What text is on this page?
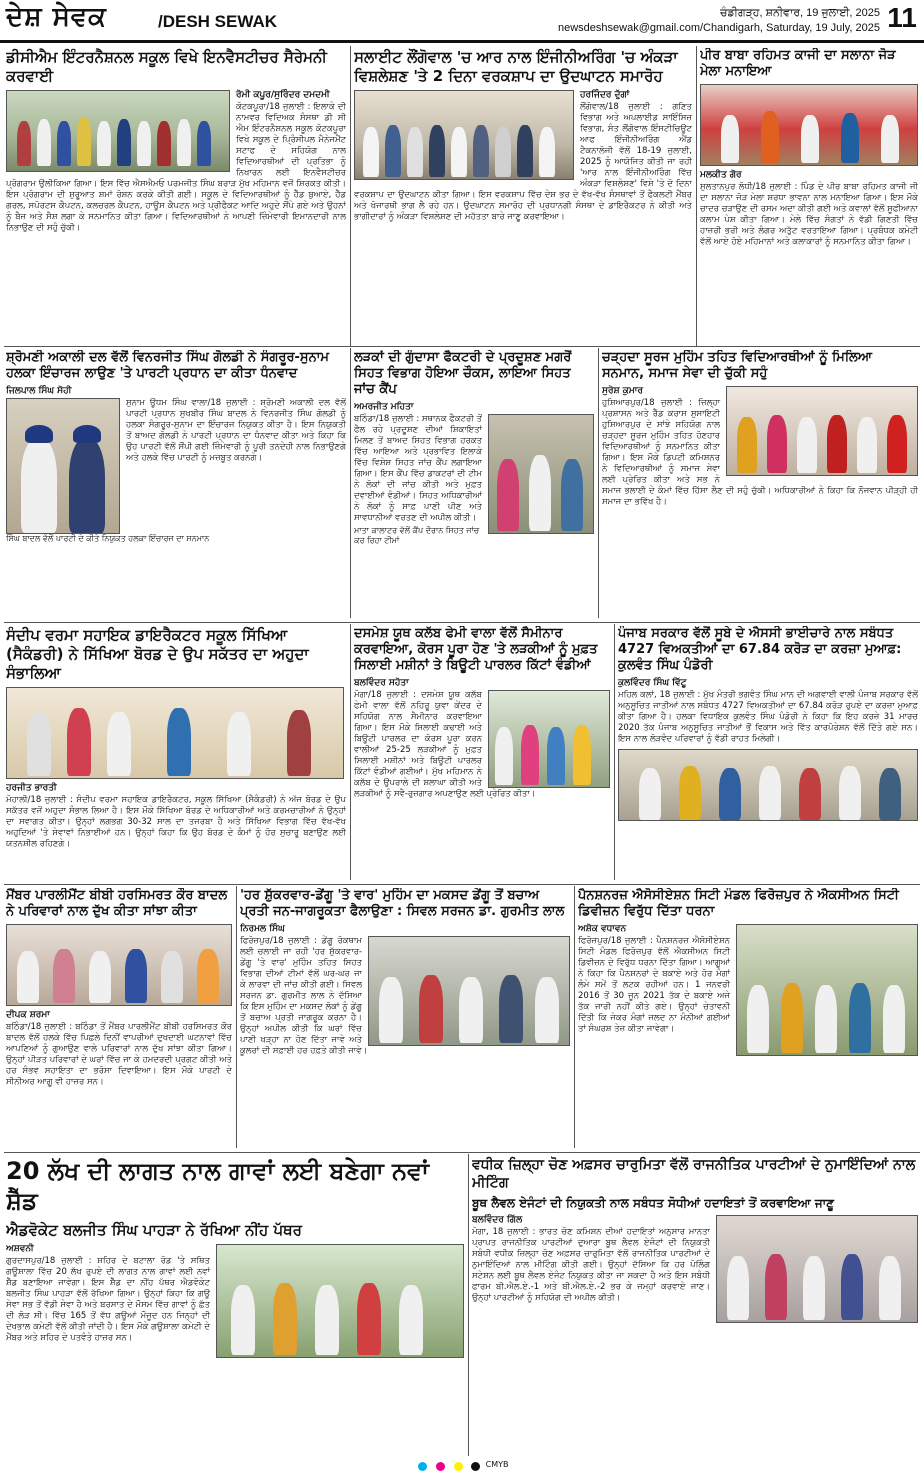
ਦੇਸ਼ ਸੇਵਕ	/DESH SEWAK	ਚੰਡੀਗੜ੍ਹ, ਸ਼ਨੀਵਾਰ, 19 ਜੁਲਾਈ, 2025
newsdeshsewak@gmail.com/Chandigarh, Saturday, 19 July, 2025 11
ਡੀਸੀਐਮ ਇੰਟਰਨੈਸ਼ਨਲ ਸਕੂਲ ਵਿਖੇ ਇਨਵੈਸਟੀਚਰ ਸੈਰੇਮਨੀ ਕਰਵਾਈ
ਰੋਮੀ ਕਪੂਰ/ਸੁਰਿੰਦਰ ਦਮਦਮੀ

ਕੋਟਕਪੂਰਾ/18 ਜੁਲਾਈ : ਇਲਾਕੇ ਦੀ ਨਾਮਵਰ ਵਿਦਿਅਕ ਸੰਸਥਾ ਡੀ ਸੀ ਐਮ ਇੰਟਰਨੈਸ਼ਨਲ ਸਕੂਲ ਕੋਟਕਪੂਰਾ ਵਿਖੇ ਸਕੂਲ ਦੇ ਪ੍ਰਿੰਸੀਪਲ ਮੈਨੇਜਮੈਂਟ ਸਟਾਫ ਦੇ ਸਹਿਯੋਗ ਨਾਲ ਵਿਦਿਆਰਥੀਆਂ ਦੀ ਪ੍ਰਤਿਭਾ ਨੂੰ ਨਿਖਾਰਨ ਲਈ ਇਨਵੈਸਟੀਚਰ ਪ੍ਰੋਗਰਾਮ ਉਲੀਕਿਆ ਗਿਆ। ਇਸ ਵਿੱਚ ਐਸਐਮਓ ਪਰਮਜੀਤ ਸਿੰਘ ਬਰਾੜ ਮੁੱਖ ਮਹਿਮਾਨ ਵਜੋਂ ਸ਼ਿਰਕਤ ਕੀਤੀ। ਇਸ ਪ੍ਰੋਗਰਾਮ ਦੀ ਸ਼ੁਰੂਆਤ ਸ਼ਮਾਂ ਰੋਸ਼ਨ ਕਰਕੇ ਕੀਤੀ ਗਈ। ਸਕੂਲ ਦੇ ਵਿਦਿਆਰਥੀਆਂ ਨੂੰ ਹੈੱਡ ਬੁਆਏ, ਹੈੱਡ ਗਰਲ, ਸਪੋਰਟਸ ਕੈਪਟਨ, ਕਲਚਰਲ ਕੈਪਟਨ, ਹਾਊਸ ਕੈਪਟਨ ਅਤੇ ਪ੍ਰੀਫੈਕਟ ਆਦਿ ਅਹੁਦੇ ਸੌਂਪੇ ਗਏ ਅਤੇ ਉਹਨਾਂ ਨੂੰ ਬੈਜ ਅਤੇ ਸੈਸ਼ ਲਗਾ ਕੇ ਸਨਮਾਨਿਤ ਕੀਤਾ ਗਿਆ। ਵਿਦਿਆਰਥੀਆਂ ਨੇ ਆਪਣੀ ਜ਼ਿੰਮੇਵਾਰੀ ਇਮਾਨਦਾਰੀ ਨਾਲ ਨਿਭਾਉਣ ਦੀ ਸਹੁੰ ਚੁੱਕੀ।

ਸਲਾਈਟ ਲੌਂਗੋਵਾਲ 'ਚ ਆਰ ਨਾਲ ਇੰਜੀਨੀਅਰਿੰਗ 'ਚ ਅੰਕੜਾ ਵਿਸ਼ਲੇਸ਼ਣ 'ਤੇ 2 ਦਿਨਾ ਵਰਕਸ਼ਾਪ ਦਾ ਉਦਘਾਟਨ ਸਮਾਰੋਹ
ਹਰਜਿੰਦਰ ਦੁੱਗਾਂ

ਲੌਂਗੋਵਾਲ/18 ਜੁਲਾਈ : ਗਣਿਤ ਵਿਭਾਗ ਅਤੇ ਅਪਲਾਈਡ ਸਾਇੰਸਿਜ਼ ਵਿਭਾਗ, ਸੰਤ ਲੌਂਗੋਵਾਲ ਇੰਸਟੀਚਿਊਟ ਆਫ ਇੰਜੀਨੀਅਰਿੰਗ ਐਂਡ ਟੈਕਨਾਲੋਜੀ ਵੱਲੋਂ 18-19 ਜੁਲਾਈ, 2025 ਨੂੰ ਆਯੋਜਿਤ ਕੀਤੀ ਜਾ ਰਹੀ 'ਆਰ ਨਾਲ ਇੰਜੀਨੀਅਰਿੰਗ ਵਿੱਚ ਅੰਕੜਾ ਵਿਸ਼ਲੇਸ਼ਣ' ਵਿਸ਼ੇ 'ਤੇ ਦੋ ਦਿਨਾ ਵਰਕਸ਼ਾਪ ਦਾ ਉਦਘਾਟਨ ਕੀਤਾ ਗਿਆ। ਇਸ ਵਰਕਸ਼ਾਪ ਵਿੱਚ ਦੇਸ਼ ਭਰ ਦੇ ਵੱਖ-ਵੱਖ ਸੰਸਥਾਵਾਂ ਤੋਂ ਫੈਕਲਟੀ ਮੈਂਬਰ ਅਤੇ ਖੋਜਾਰਥੀ ਭਾਗ ਲੈ ਰਹੇ ਹਨ। ਉਦਘਾਟਨ ਸਮਾਰੋਹ ਦੀ ਪ੍ਰਧਾਨਗੀ ਸੰਸਥਾ ਦੇ ਡਾਇਰੈਕਟਰ ਨੇ ਕੀਤੀ ਅਤੇ ਭਾਗੀਦਾਰਾਂ ਨੂੰ ਅੰਕੜਾ ਵਿਸ਼ਲੇਸ਼ਣ ਦੀ ਮਹੱਤਤਾ ਬਾਰੇ ਜਾਣੂ ਕਰਵਾਇਆ।

ਪੀਰ ਬਾਬਾ ਰਹਿਮਤ ਕਾਜੀ ਦਾ ਸਲਾਨਾ ਜੋੜ ਮੇਲਾ ਮਨਾਇਆ
ਮਲਕੀਤ ਗੋਰ

ਸੁਲਤਾਨਪੁਰ ਲੋਧੀ/18 ਜੁਲਾਈ : ਪਿੰਡ ਦੇ ਪੀਰ ਬਾਬਾ ਰਹਿਮਤ ਕਾਜੀ ਜੀ ਦਾ ਸਲਾਨਾ ਜੋੜ ਮੇਲਾ ਸ਼ਰਧਾ ਭਾਵਨਾ ਨਾਲ ਮਨਾਇਆ ਗਿਆ। ਇਸ ਮੌਕੇ ਚਾਦਰ ਚੜਾਉਣ ਦੀ ਰਸਮ ਅਦਾ ਕੀਤੀ ਗਈ ਅਤੇ ਕਵਾਲਾਂ ਵੱਲੋਂ ਸੂਫੀਆਨਾ ਕਲਾਮ ਪੇਸ਼ ਕੀਤਾ ਗਿਆ। ਮੇਲੇ ਵਿੱਚ ਸੰਗਤਾਂ ਨੇ ਵੱਡੀ ਗਿਣਤੀ ਵਿੱਚ ਹਾਜ਼ਰੀ ਭਰੀ ਅਤੇ ਲੰਗਰ ਅਤੁੱਟ ਵਰਤਾਇਆ ਗਿਆ। ਪ੍ਰਬੰਧਕ ਕਮੇਟੀ ਵੱਲੋਂ ਆਏ ਹੋਏ ਮਹਿਮਾਨਾਂ ਅਤੇ ਕਲਾਕਾਰਾਂ ਨੂੰ ਸਨਮਾਨਿਤ ਕੀਤਾ ਗਿਆ।

ਸ਼੍ਰੋਮਣੀ ਅਕਾਲੀ ਦਲ ਵੱਲੋਂ ਵਿਨਰਜੀਤ ਸਿੰਘ ਗੋਲਡੀ ਨੇ ਸੰਗਰੂਰ-ਸੁਨਾਮ ਹਲਕਾ ਇੰਚਾਰਜ ਲਾਉਣ 'ਤੇ ਪਾਰਟੀ ਪ੍ਰਧਾਨ ਦਾ ਕੀਤਾ ਧੰਨਵਾਦ
ਜਿਲਪਾਲ ਸਿੰਘ ਸੋਹੀ

ਸੁਨਾਮ ਊਧਮ ਸਿੰਘ ਵਾਲਾ/18 ਜੁਲਾਈ : ਸ਼੍ਰੋਮਣੀ ਅਕਾਲੀ ਦਲ ਵੱਲੋਂ ਪਾਰਟੀ ਪ੍ਰਧਾਨ ਸੁਖਬੀਰ ਸਿੰਘ ਬਾਦਲ ਨੇ ਵਿਨਰਜੀਤ ਸਿੰਘ ਗੋਲਡੀ ਨੂੰ ਹਲਕਾ ਸੰਗਰੂਰ-ਸੁਨਾਮ ਦਾ ਇੰਚਾਰਜ ਨਿਯੁਕਤ ਕੀਤਾ ਹੈ। ਇਸ ਨਿਯੁਕਤੀ ਤੋਂ ਬਾਅਦ ਗੋਲਡੀ ਨੇ ਪਾਰਟੀ ਪ੍ਰਧਾਨ ਦਾ ਧੰਨਵਾਦ ਕੀਤਾ ਅਤੇ ਕਿਹਾ ਕਿ ਉਹ ਪਾਰਟੀ ਵੱਲੋਂ ਸੌਂਪੀ ਗਈ ਜ਼ਿੰਮੇਵਾਰੀ ਨੂੰ ਪੂਰੀ ਤਨਦੇਹੀ ਨਾਲ ਨਿਭਾਉਣਗੇ ਅਤੇ ਹਲਕੇ ਵਿੱਚ ਪਾਰਟੀ ਨੂੰ ਮਜ਼ਬੂਤ ਕਰਨਗੇ।

ਸਿੰਘ ਬਾਦਲ ਵੱਲੋਂ ਪਾਰਟੀ ਦੇ ਕੀਤੇ ਨਿਯੁਕਤ ਹਲਕਾ ਇੰਚਾਰਜ ਦਾ ਸਨਮਾਨ
ਲੜਕਾਂ ਦੀ ਗੁੰਦਾਸਾ ਫੈਕਟਰੀ ਦੇ ਪ੍ਰਦੂਸ਼ਣ ਮਗਰੋਂ ਸਿਹਤ ਵਿਭਾਗ ਹੋਇਆ ਚੌਕਸ, ਲਾਇਆ ਸਿਹਤ ਜਾਂਚ ਕੈਂਪ
ਅਮਰਜੀਤ ਮਹਿਤਾ

ਬਠਿੰਡਾ/18 ਜੁਲਾਈ : ਸਥਾਨਕ ਫੈਕਟਰੀ ਤੋਂ ਫੈਲ ਰਹੇ ਪ੍ਰਦੂਸ਼ਣ ਦੀਆਂ ਸ਼ਿਕਾਇਤਾਂ ਮਿਲਣ ਤੋਂ ਬਾਅਦ ਸਿਹਤ ਵਿਭਾਗ ਹਰਕਤ ਵਿੱਚ ਆਇਆ ਅਤੇ ਪ੍ਰਭਾਵਿਤ ਇਲਾਕੇ ਵਿੱਚ ਵਿਸ਼ੇਸ਼ ਸਿਹਤ ਜਾਂਚ ਕੈਂਪ ਲਗਾਇਆ ਗਿਆ। ਇਸ ਕੈਂਪ ਵਿੱਚ ਡਾਕਟਰਾਂ ਦੀ ਟੀਮ ਨੇ ਲੋਕਾਂ ਦੀ ਜਾਂਚ ਕੀਤੀ ਅਤੇ ਮੁਫ਼ਤ ਦਵਾਈਆਂ ਵੰਡੀਆਂ। ਸਿਹਤ ਅਧਿਕਾਰੀਆਂ ਨੇ ਲੋਕਾਂ ਨੂੰ ਸਾਫ਼ ਪਾਣੀ ਪੀਣ ਅਤੇ ਸਾਵਧਾਨੀਆਂ ਵਰਤਣ ਦੀ ਅਪੀਲ ਕੀਤੀ।

ਮਾਤਾ ਕਾਲਾਟਰ ਵੱਲੋਂ ਕੈਂਪ ਦੌਰਾਨ ਸਿਹਤ ਜਾਂਚ ਕਰ ਰਿਹਾ ਟੀਮਾਂ
ਚੜ੍ਹਦਾ ਸੂਰਜ ਮੁਹਿੰਮ ਤਹਿਤ ਵਿਦਿਆਰਥੀਆਂ ਨੂੰ ਮਿਲਿਆ ਸਨਮਾਨ, ਸਮਾਜ ਸੇਵਾ ਦੀ ਚੁੱਕੀ ਸਹੁੰ
ਸੁਰੇਸ਼ ਕੁਮਾਰ

ਹੁਸ਼ਿਆਰਪੁਰ/18 ਜੁਲਾਈ : ਜ਼ਿਲ੍ਹਾ ਪ੍ਰਸ਼ਾਸਨ ਅਤੇ ਰੈੱਡ ਕਰਾਸ ਸੁਸਾਇਟੀ ਹੁਸ਼ਿਆਰਪੁਰ ਦੇ ਸਾਂਝੇ ਸਹਿਯੋਗ ਨਾਲ ਚੜ੍ਹਦਾ ਸੂਰਜ ਮੁਹਿੰਮ ਤਹਿਤ ਹੋਣਹਾਰ ਵਿਦਿਆਰਥੀਆਂ ਨੂੰ ਸਨਮਾਨਿਤ ਕੀਤਾ ਗਿਆ। ਇਸ ਮੌਕੇ ਡਿਪਟੀ ਕਮਿਸ਼ਨਰ ਨੇ ਵਿਦਿਆਰਥੀਆਂ ਨੂੰ ਸਮਾਜ ਸੇਵਾ ਲਈ ਪ੍ਰੇਰਿਤ ਕੀਤਾ ਅਤੇ ਸਭ ਨੇ ਸਮਾਜ ਭਲਾਈ ਦੇ ਕੰਮਾਂ ਵਿੱਚ ਹਿੱਸਾ ਲੈਣ ਦੀ ਸਹੁੰ ਚੁੱਕੀ। ਅਧਿਕਾਰੀਆਂ ਨੇ ਕਿਹਾ ਕਿ ਨੌਜਵਾਨ ਪੀੜ੍ਹੀ ਹੀ ਸਮਾਜ ਦਾ ਭਵਿੱਖ ਹੈ।

ਸੰਦੀਪ ਵਰਮਾ ਸਹਾਇਕ ਡਾਇਰੈਕਟਰ ਸਕੂਲ ਸਿੱਖਿਆ (ਸੈਕੰਡਰੀ) ਨੇ ਸਿੱਖਿਆ ਬੋਰਡ ਦੇ ਉਪ ਸਕੱਤਰ ਦਾ ਅਹੁਦਾ ਸੰਭਾਲਿਆ
ਹਰਜੀਤ ਭਾਰਤੀ

ਮੋਹਾਲੀ/18 ਜੁਲਾਈ : ਸੰਦੀਪ ਵਰਮਾ ਸਹਾਇਕ ਡਾਇਰੈਕਟਰ, ਸਕੂਲ ਸਿੱਖਿਆ (ਸੈਕੰਡਰੀ) ਨੇ ਅੱਜ ਬੋਰਡ ਦੇ ਉਪ ਸਕੱਤਰ ਵਜੋਂ ਅਹੁਦਾ ਸੰਭਾਲ ਲਿਆ ਹੈ। ਇਸ ਮੌਕੇ ਸਿੱਖਿਆ ਬੋਰਡ ਦੇ ਅਧਿਕਾਰੀਆਂ ਅਤੇ ਕਰਮਚਾਰੀਆਂ ਨੇ ਉਨ੍ਹਾਂ ਦਾ ਸਵਾਗਤ ਕੀਤਾ। ਉਨ੍ਹਾਂ ਲਗਭਗ 30-32 ਸਾਲ ਦਾ ਤਜਰਬਾ ਹੈ ਅਤੇ ਸਿੱਖਿਆ ਵਿਭਾਗ ਵਿੱਚ ਵੱਖ-ਵੱਖ ਅਹੁਦਿਆਂ 'ਤੇ ਸੇਵਾਵਾਂ ਨਿਭਾਈਆਂ ਹਨ। ਉਨ੍ਹਾਂ ਕਿਹਾ ਕਿ ਉਹ ਬੋਰਡ ਦੇ ਕੰਮਾਂ ਨੂੰ ਹੋਰ ਸੁਚਾਰੂ ਬਣਾਉਣ ਲਈ ਯਤਨਸ਼ੀਲ ਰਹਿਣਗੇ।

ਦਸਮੇਸ਼ ਯੂਥ ਕਲੱਬ ਫੇਮੀ ਵਾਲਾ ਵੱਲੋਂ ਸੈਮੀਨਾਰ ਕਰਵਾਇਆ, ਕੋਰਸ ਪੂਰਾ ਹੋਣ 'ਤੇ ਲੜਕੀਆਂ ਨੂੰ ਮੁਫ਼ਤ ਸਿਲਾਈ ਮਸ਼ੀਨਾਂ ਤੇ ਬਿਊਟੀ ਪਾਰਲਰ ਕਿੱਟਾਂ ਵੰਡੀਆਂ
ਬਲਵਿੰਦਰ ਸਹੋਤਾ

ਮੋਗਾ/18 ਜੁਲਾਈ : ਦਸਮੇਸ਼ ਯੂਥ ਕਲੱਬ ਫੇਮੀ ਵਾਲਾ ਵੱਲੋਂ ਨਹਿਰੂ ਯੁਵਾ ਕੇਂਦਰ ਦੇ ਸਹਿਯੋਗ ਨਾਲ ਸੈਮੀਨਾਰ ਕਰਵਾਇਆ ਗਿਆ। ਇਸ ਮੌਕੇ ਸਿਲਾਈ ਕਢਾਈ ਅਤੇ ਬਿਊਟੀ ਪਾਰਲਰ ਦਾ ਕੋਰਸ ਪੂਰਾ ਕਰਨ ਵਾਲੀਆਂ 25-25 ਲੜਕੀਆਂ ਨੂੰ ਮੁਫ਼ਤ ਸਿਲਾਈ ਮਸ਼ੀਨਾਂ ਅਤੇ ਬਿਊਟੀ ਪਾਰਲਰ ਕਿੱਟਾਂ ਵੰਡੀਆਂ ਗਈਆਂ। ਮੁੱਖ ਮਹਿਮਾਨ ਨੇ ਕਲੱਬ ਦੇ ਉਪਰਾਲੇ ਦੀ ਸ਼ਲਾਘਾ ਕੀਤੀ ਅਤੇ ਲੜਕੀਆਂ ਨੂੰ ਸਵੈ-ਰੁਜ਼ਗਾਰ ਅਪਣਾਉਣ ਲਈ ਪ੍ਰੇਰਿਤ ਕੀਤਾ।

ਪੰਜਾਬ ਸਰਕਾਰ ਵੱਲੋਂ ਸੂਬੇ ਦੇ ਐਸਸੀ ਭਾਈਚਾਰੇ ਨਾਲ ਸਬੰਧਤ 4727 ਵਿਅਕਤੀਆਂ ਦਾ 67.84 ਕਰੋੜ ਦਾ ਕਰਜ਼ਾ ਮੁਆਫ਼: ਕੁਲਵੰਤ ਸਿੰਘ ਪੰਡੋਰੀ
ਕੁਲਵਿੰਦਰ ਸਿੰਘ ਵਿੱਟੂ

ਮਹਿਲ ਕਲਾਂ, 18 ਜੁਲਾਈ : ਮੁੱਖ ਮੰਤਰੀ ਭਗਵੰਤ ਸਿੰਘ ਮਾਨ ਦੀ ਅਗਵਾਈ ਵਾਲੀ ਪੰਜਾਬ ਸਰਕਾਰ ਵੱਲੋਂ ਅਨੁਸੂਚਿਤ ਜਾਤੀਆਂ ਨਾਲ ਸਬੰਧਤ 4727 ਵਿਅਕਤੀਆਂ ਦਾ 67.84 ਕਰੋੜ ਰੁਪਏ ਦਾ ਕਰਜ਼ਾ ਮੁਆਫ਼ ਕੀਤਾ ਗਿਆ ਹੈ। ਹਲਕਾ ਵਿਧਾਇਕ ਕੁਲਵੰਤ ਸਿੰਘ ਪੰਡੋਰੀ ਨੇ ਕਿਹਾ ਕਿ ਇਹ ਕਰਜ਼ੇ 31 ਮਾਰਚ 2020 ਤੱਕ ਪੰਜਾਬ ਅਨੁਸੂਚਿਤ ਜਾਤੀਆਂ ਭੌਂ ਵਿਕਾਸ ਅਤੇ ਵਿੱਤ ਕਾਰਪੋਰੇਸ਼ਨ ਵੱਲੋਂ ਦਿੱਤੇ ਗਏ ਸਨ। ਇਸ ਨਾਲ ਲੋੜਵੰਦ ਪਰਿਵਾਰਾਂ ਨੂੰ ਵੱਡੀ ਰਾਹਤ ਮਿਲੇਗੀ।

ਮੈਂਬਰ ਪਾਰਲੀਮੈਂਟ ਬੀਬੀ ਹਰਸਿਮਰਤ ਕੌਰ ਬਾਦਲ ਨੇ ਪਰਿਵਾਰਾਂ ਨਾਲ ਦੁੱਖ ਕੀਤਾ ਸਾਂਝਾ ਕੀਤਾ
ਦੀਪਕ ਸ਼ਰਮਾ

ਬਠਿੰਡਾ/18 ਜੁਲਾਈ : ਬਠਿੰਡਾ ਤੋਂ ਮੈਂਬਰ ਪਾਰਲੀਮੈਂਟ ਬੀਬੀ ਹਰਸਿਮਰਤ ਕੌਰ ਬਾਦਲ ਵੱਲੋਂ ਹਲਕੇ ਵਿੱਚ ਪਿਛਲੇ ਦਿਨੀਂ ਵਾਪਰੀਆਂ ਦੁਖਦਾਈ ਘਟਨਾਵਾਂ ਵਿੱਚ ਆਪਣਿਆਂ ਨੂੰ ਗੁਆਉਣ ਵਾਲੇ ਪਰਿਵਾਰਾਂ ਨਾਲ ਦੁੱਖ ਸਾਂਝਾ ਕੀਤਾ ਗਿਆ। ਉਨ੍ਹਾਂ ਪੀੜਤ ਪਰਿਵਾਰਾਂ ਦੇ ਘਰਾਂ ਵਿੱਚ ਜਾ ਕੇ ਹਮਦਰਦੀ ਪ੍ਰਗਟ ਕੀਤੀ ਅਤੇ ਹਰ ਸੰਭਵ ਸਹਾਇਤਾ ਦਾ ਭਰੋਸਾ ਦਿਵਾਇਆ। ਇਸ ਮੌਕੇ ਪਾਰਟੀ ਦੇ ਸੀਨੀਅਰ ਆਗੂ ਵੀ ਹਾਜ਼ਰ ਸਨ।

'ਹਰ ਸ਼ੁੱਕਰਵਾਰ-ਡੇਂਗੂ 'ਤੇ ਵਾਰ' ਮੁਹਿੰਮ ਦਾ ਮਕਸਦ ਡੇਂਗੂ ਤੋਂ ਬਚਾਅ ਪ੍ਰਤੀ ਜਨ-ਜਾਗਰੂਕਤਾ ਫੈਲਾਉਣਾ : ਸਿਵਲ ਸਰਜਨ ਡਾ. ਗੁਰਮੀਤ ਲਾਲ
ਨਿਰਮਲ ਸਿੰਘ

ਫਿਰੋਜ਼ਪੁਰ/18 ਜੁਲਾਈ : ਡੇਂਗੂ ਰੋਕਥਾਮ ਲਈ ਚਲਾਈ ਜਾ ਰਹੀ 'ਹਰ ਸ਼ੁੱਕਰਵਾਰ-ਡੇਂਗੂ 'ਤੇ ਵਾਰ' ਮੁਹਿੰਮ ਤਹਿਤ ਸਿਹਤ ਵਿਭਾਗ ਦੀਆਂ ਟੀਮਾਂ ਵੱਲੋਂ ਘਰ-ਘਰ ਜਾ ਕੇ ਲਾਰਵਾ ਦੀ ਜਾਂਚ ਕੀਤੀ ਗਈ। ਸਿਵਲ ਸਰਜਨ ਡਾ. ਗੁਰਮੀਤ ਲਾਲ ਨੇ ਦੱਸਿਆ ਕਿ ਇਸ ਮੁਹਿੰਮ ਦਾ ਮਕਸਦ ਲੋਕਾਂ ਨੂੰ ਡੇਂਗੂ ਤੋਂ ਬਚਾਅ ਪ੍ਰਤੀ ਜਾਗਰੂਕ ਕਰਨਾ ਹੈ। ਉਨ੍ਹਾਂ ਅਪੀਲ ਕੀਤੀ ਕਿ ਘਰਾਂ ਵਿੱਚ ਪਾਣੀ ਖੜ੍ਹਾ ਨਾ ਹੋਣ ਦਿੱਤਾ ਜਾਵੇ ਅਤੇ ਕੂਲਰਾਂ ਦੀ ਸਫ਼ਾਈ ਹਰ ਹਫ਼ਤੇ ਕੀਤੀ ਜਾਵੇ।

ਪੈਨਸ਼ਨਰਜ਼ ਐਸੋਸੀਏਸ਼ਨ ਸਿਟੀ ਮੰਡਲ ਫਿਰੋਜ਼ਪੁਰ ਨੇ ਐਕਸੀਅਨ ਸਿਟੀ ਡਿਵੀਜ਼ਨ ਵਿਰੁੱਧ ਦਿੱਤਾ ਧਰਨਾ
ਅਸ਼ੋਕ ਵਧਾਵਨ

ਫਿਰੋਜ਼ਪੁਰ/18 ਜੁਲਾਈ : ਪੈਨਸ਼ਨਰਜ਼ ਐਸੋਸੀਏਸ਼ਨ ਸਿਟੀ ਮੰਡਲ ਫਿਰੋਜ਼ਪੁਰ ਵੱਲੋਂ ਐਕਸੀਅਨ ਸਿਟੀ ਡਿਵੀਜ਼ਨ ਦੇ ਵਿਰੁੱਧ ਧਰਨਾ ਦਿੱਤਾ ਗਿਆ। ਆਗੂਆਂ ਨੇ ਕਿਹਾ ਕਿ ਪੈਨਸ਼ਨਰਾਂ ਦੇ ਬਕਾਏ ਅਤੇ ਹੋਰ ਮੰਗਾਂ ਲੰਮੇ ਸਮੇਂ ਤੋਂ ਲਟਕ ਰਹੀਆਂ ਹਨ। 1 ਜਨਵਰੀ 2016 ਤੋਂ 30 ਜੂਨ 2021 ਤੱਕ ਦੇ ਬਕਾਏ ਅਜੇ ਤੱਕ ਜਾਰੀ ਨਹੀਂ ਕੀਤੇ ਗਏ। ਉਨ੍ਹਾਂ ਚੇਤਾਵਨੀ ਦਿੱਤੀ ਕਿ ਜੇਕਰ ਮੰਗਾਂ ਜਲਦ ਨਾ ਮੰਨੀਆਂ ਗਈਆਂ ਤਾਂ ਸੰਘਰਸ਼ ਤੇਜ਼ ਕੀਤਾ ਜਾਵੇਗਾ।

20 ਲੱਖ ਦੀ ਲਾਗਤ ਨਾਲ ਗਾਵਾਂ ਲਈ ਬਣੇਗਾ ਨਵਾਂ ਸ਼ੈੱਡ
ਐਡਵੋਕੇਟ ਬਲਜੀਤ ਸਿੰਘ ਪਾਹੜਾ ਨੇ ਰੱਖਿਆ ਨੀਂਹ ਪੱਥਰ
ਅਸ਼ਵਨੀ

ਗੁਰਦਾਸਪੁਰ/18 ਜੁਲਾਈ : ਸ਼ਹਿਰ ਦੇ ਬਟਾਲਾ ਰੋਡ 'ਤੇ ਸਥਿਤ ਗਊਸ਼ਾਲਾ ਵਿੱਚ 20 ਲੱਖ ਰੁਪਏ ਦੀ ਲਾਗਤ ਨਾਲ ਗਾਵਾਂ ਲਈ ਨਵਾਂ ਸ਼ੈੱਡ ਬਣਾਇਆ ਜਾਵੇਗਾ। ਇਸ ਸ਼ੈੱਡ ਦਾ ਨੀਂਹ ਪੱਥਰ ਐਡਵੋਕੇਟ ਬਲਜੀਤ ਸਿੰਘ ਪਾਹੜਾ ਵੱਲੋਂ ਰੱਖਿਆ ਗਿਆ। ਉਨ੍ਹਾਂ ਕਿਹਾ ਕਿ ਗਊ ਸੇਵਾ ਸਭ ਤੋਂ ਵੱਡੀ ਸੇਵਾ ਹੈ ਅਤੇ ਬਰਸਾਤ ਦੇ ਮੌਸਮ ਵਿੱਚ ਗਾਵਾਂ ਨੂੰ ਛੱਤ ਦੀ ਲੋੜ ਸੀ। ਵਿੱਚ 165 ਤੋਂ ਵੱਧ ਗਊਆਂ ਮੌਜੂਦ ਹਨ ਜਿਨ੍ਹਾਂ ਦੀ ਦੇਖਭਾਲ ਕਮੇਟੀ ਵੱਲੋਂ ਕੀਤੀ ਜਾਂਦੀ ਹੈ। ਇਸ ਮੌਕੇ ਗਊਸ਼ਾਲਾ ਕਮੇਟੀ ਦੇ ਮੈਂਬਰ ਅਤੇ ਸ਼ਹਿਰ ਦੇ ਪਤਵੰਤੇ ਹਾਜ਼ਰ ਸਨ।

ਵਧੀਕ ਜ਼ਿਲ੍ਹਾ ਚੋਣ ਅਫ਼ਸਰ ਚਾਰੁਮਿਤਾ ਵੱਲੋਂ ਰਾਜਨੀਤਿਕ ਪਾਰਟੀਆਂ ਦੇ ਨੁਮਾਇੰਦਿਆਂ ਨਾਲ ਮੀਟਿੰਗ
ਬੂਥ ਲੈਵਲ ਏਜੰਟਾਂ ਦੀ ਨਿਯੁਕਤੀ ਨਾਲ ਸਬੰਧਤ ਸੋਧੀਆਂ ਹਦਾਇਤਾਂ ਤੋਂ ਕਰਵਾਇਆ ਜਾਣੂ
ਬਲਵਿੰਦਰ ਗਿੱਲ

ਮੋਗਾ, 18 ਜੁਲਾਈ : ਭਾਰਤ ਚੋਣ ਕਮਿਸ਼ਨ ਦੀਆਂ ਹਦਾਇਤਾਂ ਅਨੁਸਾਰ ਮਾਨਤਾ ਪ੍ਰਾਪਤ ਰਾਜਨੀਤਿਕ ਪਾਰਟੀਆਂ ਦੁਆਰਾ ਬੂਥ ਲੈਵਲ ਏਜੰਟਾਂ ਦੀ ਨਿਯੁਕਤੀ ਸਬੰਧੀ ਵਧੀਕ ਜ਼ਿਲ੍ਹਾ ਚੋਣ ਅਫ਼ਸਰ ਚਾਰੁਮਿਤਾ ਵੱਲੋਂ ਰਾਜਨੀਤਿਕ ਪਾਰਟੀਆਂ ਦੇ ਨੁਮਾਇੰਦਿਆਂ ਨਾਲ ਮੀਟਿੰਗ ਕੀਤੀ ਗਈ। ਉਨ੍ਹਾਂ ਦੱਸਿਆ ਕਿ ਹਰ ਪੋਲਿੰਗ ਸਟੇਸ਼ਨ ਲਈ ਬੂਥ ਲੈਵਲ ਏਜੰਟ ਨਿਯੁਕਤ ਕੀਤਾ ਜਾ ਸਕਦਾ ਹੈ ਅਤੇ ਇਸ ਸਬੰਧੀ ਫਾਰਮ ਬੀ.ਐਲ.ਏ.-1 ਅਤੇ ਬੀ.ਐਲ.ਏ.-2 ਭਰ ਕੇ ਜਮ੍ਹਾਂ ਕਰਵਾਏ ਜਾਣ। ਉਨ੍ਹਾਂ ਪਾਰਟੀਆਂ ਨੂੰ ਸਹਿਯੋਗ ਦੀ ਅਪੀਲ ਕੀਤੀ।

CMYB
